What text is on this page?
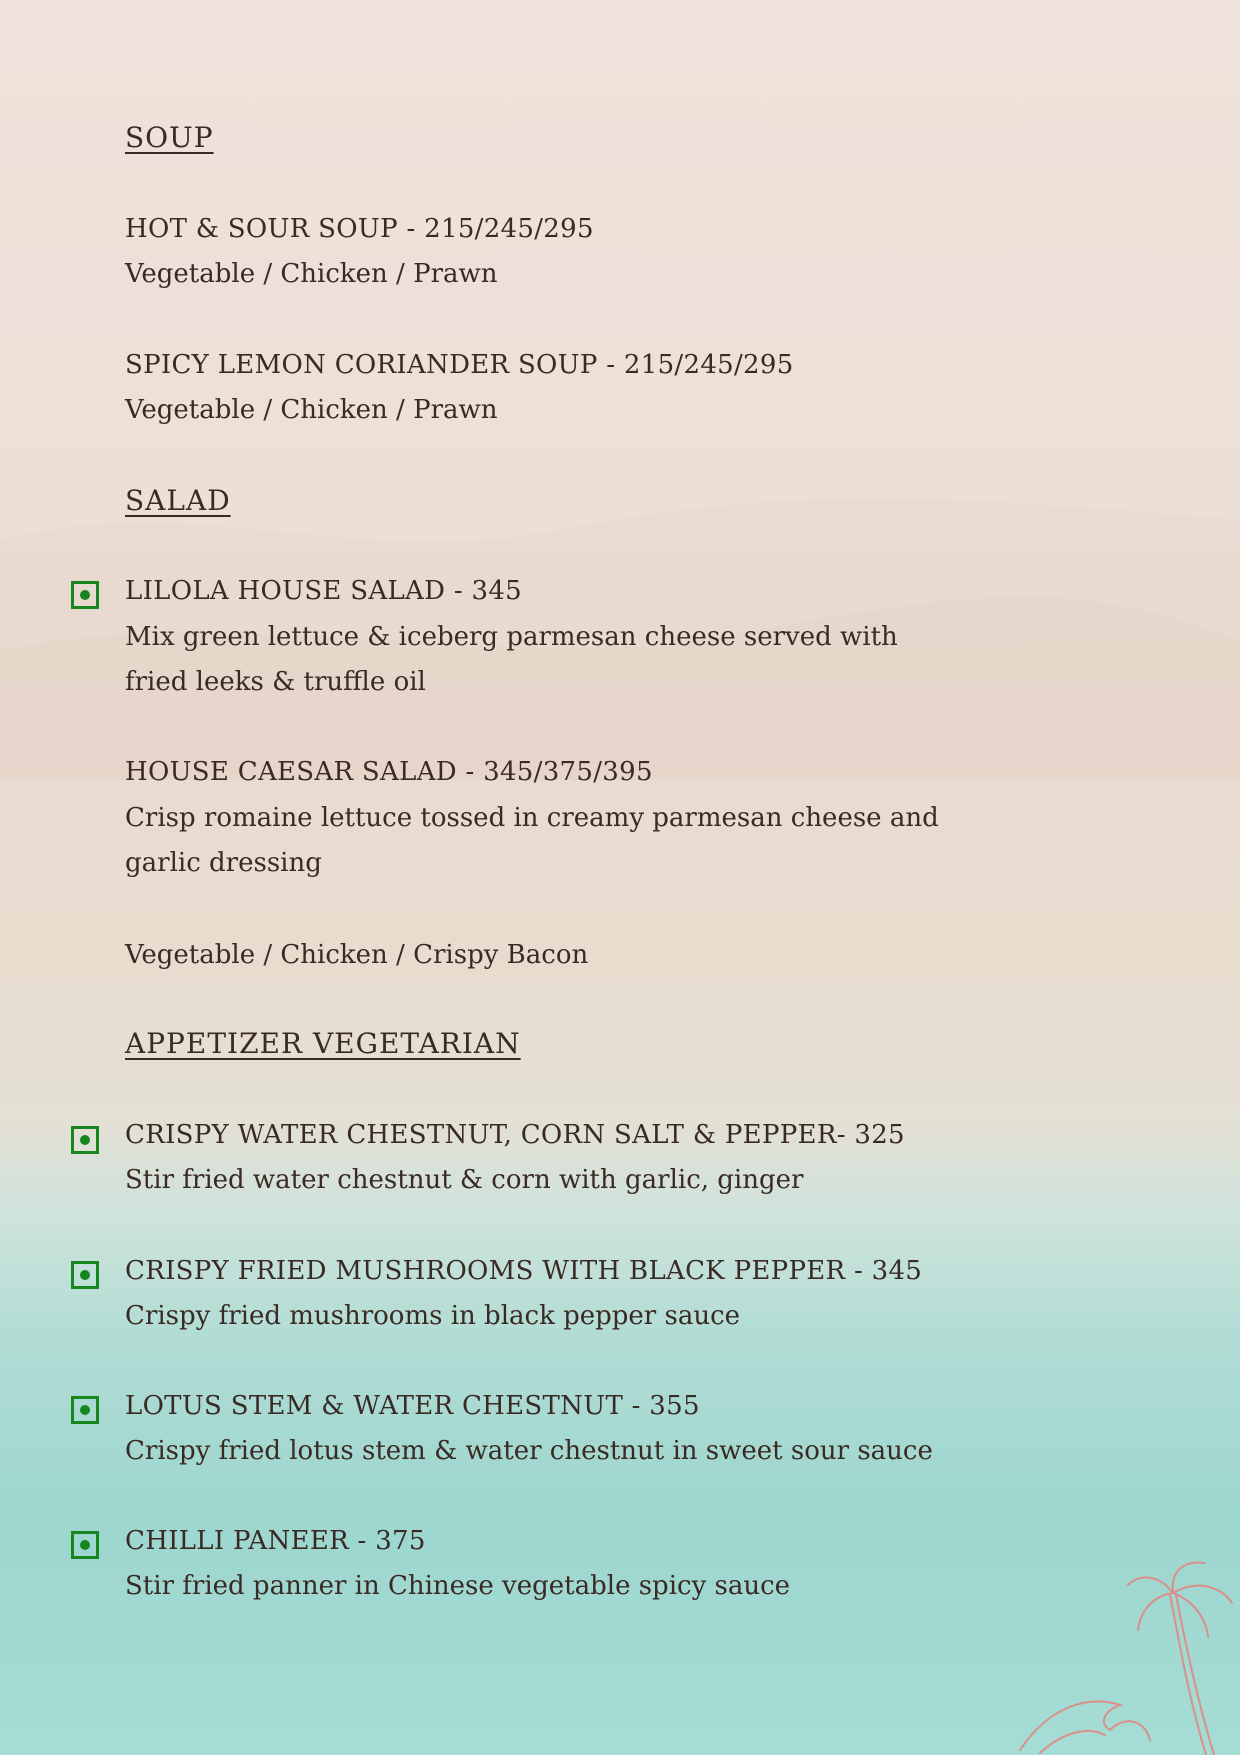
SOUP
HOT & SOUR SOUP - 215/245/295
Vegetable / Chicken / Prawn
SPICY LEMON CORIANDER SOUP - 215/245/295
Vegetable / Chicken / Prawn
SALAD
LILOLA HOUSE SALAD - 345
Mix green lettuce & iceberg parmesan cheese served with fried leeks & truffle oil
HOUSE CAESAR SALAD - 345/375/395
Crisp romaine lettuce tossed in creamy parmesan cheese and garlic dressing
Vegetable / Chicken / Crispy Bacon
APPETIZER VEGETARIAN
CRISPY WATER CHESTNUT, CORN SALT & PEPPER- 325
Stir fried water chestnut & corn with garlic, ginger
CRISPY FRIED MUSHROOMS WITH BLACK PEPPER - 345
Crispy fried mushrooms in black pepper sauce
LOTUS STEM & WATER CHESTNUT - 355
Crispy fried lotus stem & water chestnut in sweet sour sauce
CHILLI PANEER - 375
Stir fried panner in Chinese vegetable spicy sauce
